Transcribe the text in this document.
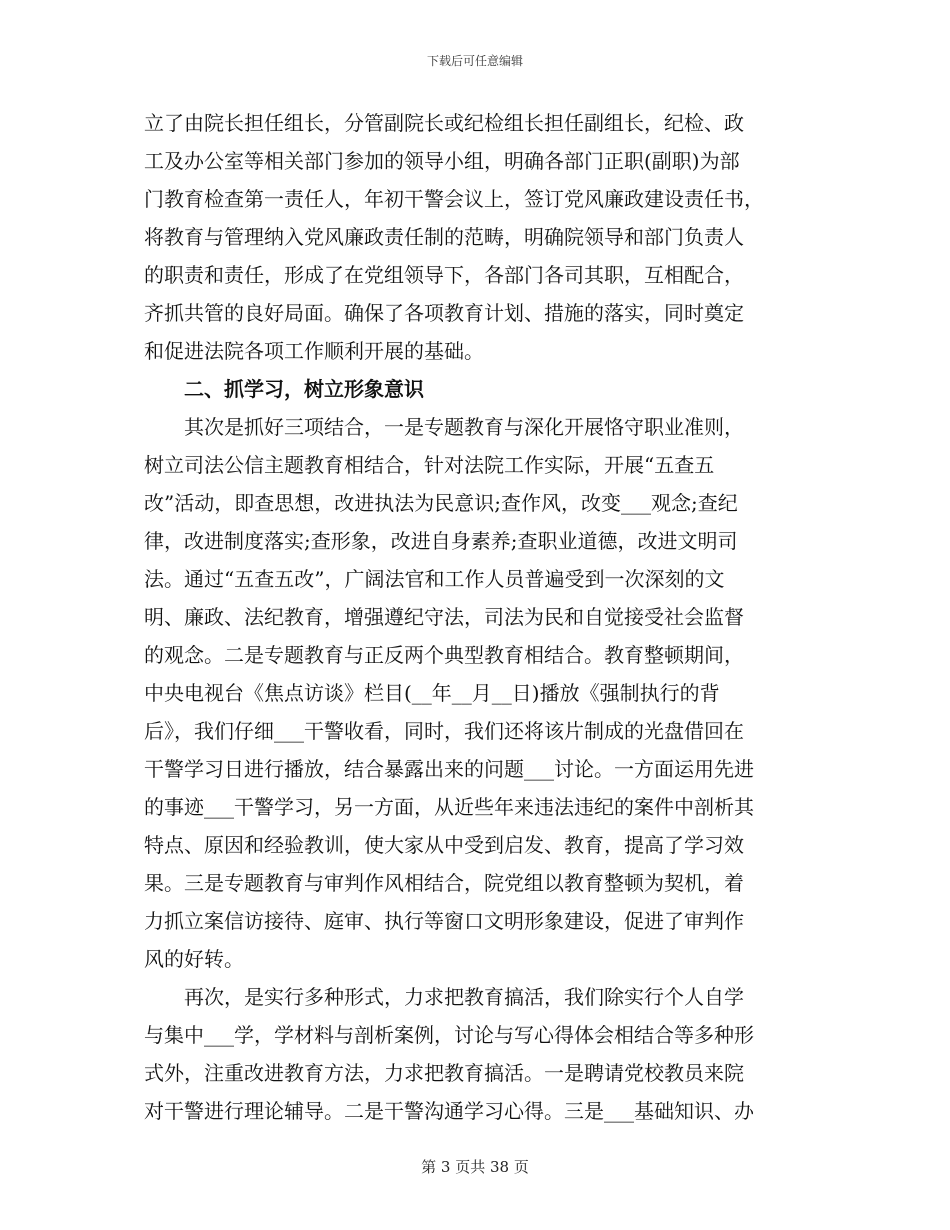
下载后可任意编辑
立了由院长担任组长，分管副院长或纪检组长担任副组长，纪检、政
工及办公室等相关部门参加的领导小组，明确各部门正职(副职)为部
门教育检查第一责任人，年初干警会议上，签订党风廉政建设责任书，
将教育与管理纳入党风廉政责任制的范畴，明确院领导和部门负责人
的职责和责任，形成了在党组领导下，各部门各司其职，互相配合，
齐抓共管的良好局面。确保了各项教育计划、措施的落实，同时奠定
和促进法院各项工作顺利开展的基础。
二、抓学习，树立形象意识
其次是抓好三项结合，一是专题教育与深化开展恪守职业准则，
树立司法公信主题教育相结合，针对法院工作实际，开展“五查五
改”活动，即查思想，改进执法为民意识;查作风，改变___观念;查纪
律，改进制度落实;查形象，改进自身素养;查职业道德，改进文明司
法。通过“五查五改”，广阔法官和工作人员普遍受到一次深刻的文
明、廉政、法纪教育，增强遵纪守法，司法为民和自觉接受社会监督
的观念。二是专题教育与正反两个典型教育相结合。教育整顿期间，
中央电视台《焦点访谈》栏目(__年__月__日)播放《强制执行的背
后》，我们仔细___干警收看，同时，我们还将该片制成的光盘借回在
干警学习日进行播放，结合暴露出来的问题___讨论。一方面运用先进
的事迹___干警学习，另一方面，从近些年来违法违纪的案件中剖析其
特点、原因和经验教训，使大家从中受到启发、教育，提高了学习效
果。三是专题教育与审判作风相结合，院党组以教育整顿为契机，着
力抓立案信访接待、庭审、执行等窗口文明形象建设，促进了审判作
风的好转。
再次，是实行多种形式，力求把教育搞活，我们除实行个人自学
与集中___学，学材料与剖析案例，讨论与写心得体会相结合等多种形
式外，注重改进教育方法，力求把教育搞活。一是聘请党校教员来院
对干警进行理论辅导。二是干警沟通学习心得。三是___基础知识、办
第 3 页共 38 页
